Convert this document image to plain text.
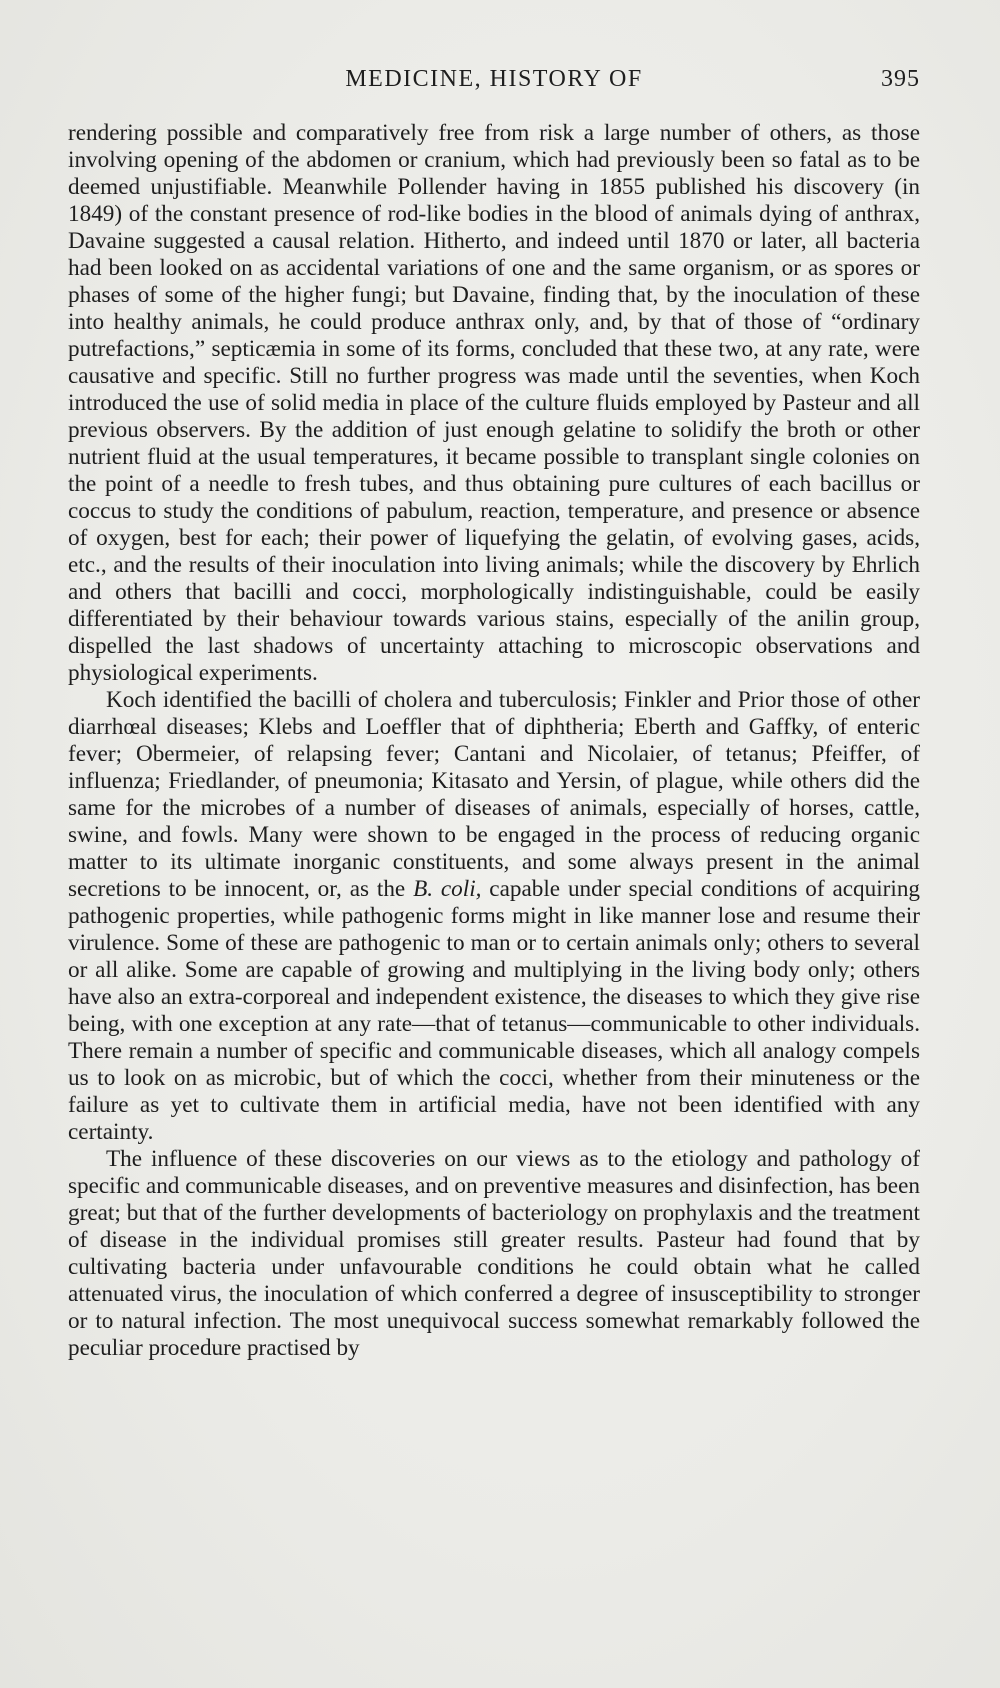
MEDICINE, HISTORY OF	395

rendering possible and comparatively free from risk a large number of others, as those involving opening of the abdomen or cranium, which had previously been so fatal as to be deemed unjustifiable. Meanwhile Pollender having in 1855 published his discovery (in 1849) of the constant presence of rod-like bodies in the blood of animals dying of anthrax, Davaine suggested a causal relation. Hitherto, and indeed until 1870 or later, all bacteria had been looked on as accidental variations of one and the same organism, or as spores or phases of some of the higher fungi; but Davaine, finding that, by the inoculation of these into healthy animals, he could produce anthrax only, and, by that of those of “ordinary putrefactions,” septicæmia in some of its forms, concluded that these two, at any rate, were causative and specific. Still no further progress was made until the seventies, when Koch introduced the use of solid media in place of the culture fluids employed by Pasteur and all previous observers. By the addition of just enough gelatine to solidify the broth or other nutrient fluid at the usual temperatures, it became possible to transplant single colonies on the point of a needle to fresh tubes, and thus obtaining pure cultures of each bacillus or coccus to study the conditions of pabulum, reaction, temperature, and presence or absence of oxygen, best for each; their power of liquefying the gelatin, of evolving gases, acids, etc., and the results of their inoculation into living animals; while the discovery by Ehrlich and others that bacilli and cocci, morphologically indistinguishable, could be easily differentiated by their behaviour towards various stains, especially of the anilin group, dispelled the last shadows of uncertainty attaching to microscopic observations and physiological experiments.

Koch identified the bacilli of cholera and tuberculosis; Finkler and Prior those of other diarrhœal diseases; Klebs and Loeffler that of diphtheria; Eberth and Gaffky, of enteric fever; Obermeier, of relapsing fever; Cantani and Nicolaier, of tetanus; Pfeiffer, of influenza; Friedlander, of pneumonia; Kitasato and Yersin, of plague, while others did the same for the microbes of a number of diseases of animals, especially of horses, cattle, swine, and fowls. Many were shown to be engaged in the process of reducing organic matter to its ultimate inorganic constituents, and some always present in the animal secretions to be innocent, or, as the B. coli, capable under special conditions of acquiring pathogenic properties, while pathogenic forms might in like manner lose and resume their virulence. Some of these are pathogenic to man or to certain animals only; others to several or all alike. Some are capable of growing and multiplying in the living body only; others have also an extra-corporeal and independent existence, the diseases to which they give rise being, with one exception at any rate—that of tetanus—communicable to other individuals. There remain a number of specific and communicable diseases, which all analogy compels us to look on as microbic, but of which the cocci, whether from their minuteness or the failure as yet to cultivate them in artificial media, have not been identified with any certainty.

The influence of these discoveries on our views as to the etiology and pathology of specific and communicable diseases, and on preventive measures and disinfection, has been great; but that of the further developments of bacteriology on prophylaxis and the treatment of disease in the individual promises still greater results. Pasteur had found that by cultivating bacteria under unfavourable conditions he could obtain what he called attenuated virus, the inoculation of which conferred a degree of insusceptibility to stronger or to natural infection. The most unequivocal success somewhat remarkably followed the peculiar procedure practised by
